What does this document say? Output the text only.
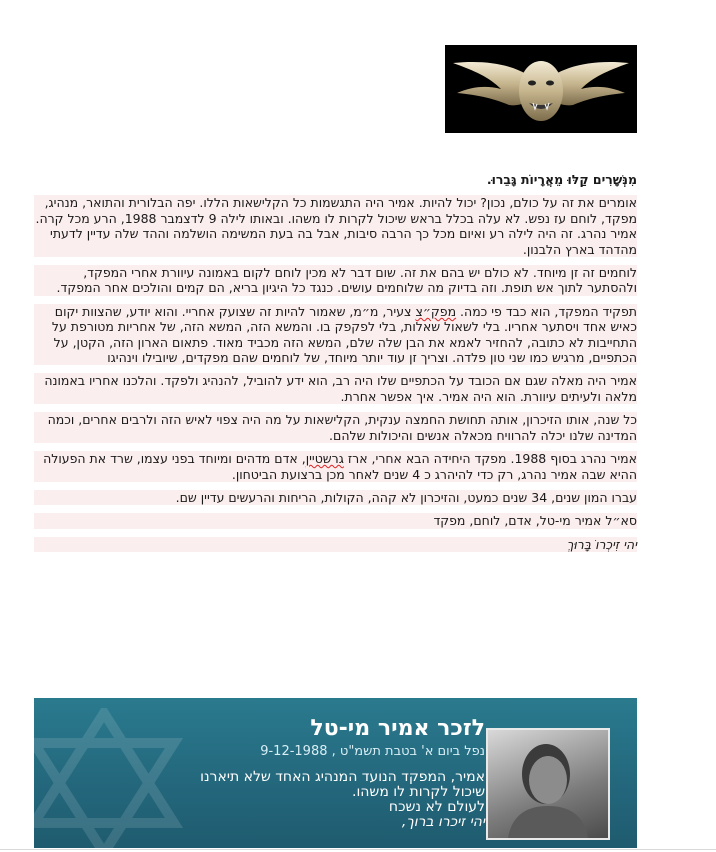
מִנְּשָׁרִים קַלּוּ מֵאֲרָיוֹת גָּבֵרוּ.

אומרים את זה על כולם, נכון? יכול להיות. אמיר היה התגשמות כל הקלישאות הללו. יפה הבלורית והתואר, מנהיג, מפקד, לוחם עז נפש. לא עלה בכלל בראש שיכול לקרות לו משהו. ובאותו לילה 9 לדצמבר 1988, הרע מכל קרה. אמיר נהרג. זה היה לילה רע ואיום מכל כך הרבה סיבות, אבל בה בעת המשימה הושלמה וההד שלה עדיין לדעתי מהדהד בארץ הלבנון.

לוחמים זה זן מיוחד. לא כולם יש בהם את זה. שום דבר לא מכין לוחם לקום באמונה עיוורת אחרי המפקד, ולהסתער לתוך אש תופת. וזה בדיוק מה שלוחמים עושים. כנגד כל היגיון בריא, הם קמים והולכים אחר המפקד.

תפקיד המפקד, הוא כבד פי כמה. מפק״צ צעיר, מ״מ, שאמור להיות זה שצועק אחריי. והוא יודע, שהצוות יקום כאיש אחד ויסתער אחריו. בלי לשאול שאלות, בלי לפקפק בו. והמשא הזה, המשא הזה, של אחריות מטורפת על התחייבות לא כתובה, להחזיר לאמא את הבן שלה שלם, המשא הזה מכביד מאוד. פתאום הארון הזה, הקטן, על הכתפיים, מרגיש כמו שני טון פלדה. וצריך זן עוד יותר מיוחד, של לוחמים שהם מפקדים, שיובילו וינהיגו

אמיר היה מאלה שגם אם הכובד על הכתפיים שלו היה רב, הוא ידע להוביל, להנהיג ולפקד. והלכנו אחריו באמונה מלאה ולעיתים עיוורת. הוא היה אמיר. איך אפשר אחרת.

כל שנה, אותו הזיכרון, אותה תחושת החמצה ענקית, הקלישאות על מה היה צפוי לאיש הזה ולרבים אחרים, וכמה המדינה שלנו יכלה להרוויח מכאלה אנשים והיכולות שלהם.

אמיר נהרג בסוף 1988. מפקד היחידה הבא אחרי, ארז גרשטיין, אדם מדהים ומיוחד בפני עצמו, שרד את הפעולה ההיא שבה אמיר נהרג, רק כדי להיהרג כ 4 שנים לאחר מכן ברצועת הביטחון.

עברו המון שנים, 34 שנים כמעט, והזיכרון לא קהה, הקולות, הריחות והרעשים עדיין שם.

סא״ל אמיר מי-טל, אדם, לוחם, מפקד

יהי זִיכְרוֹ בָּרוּךְ

לזכר אמיר מי-טל
נפל ביום א' בטבת תשמ"ט , 9-12-1988
אמיר, המפקד הנועד המנהיג האחד שלא תיארנו
שיכול לקרות לו משהו.
לעולם לא נשכח
יהי זיכרו ברוך,
